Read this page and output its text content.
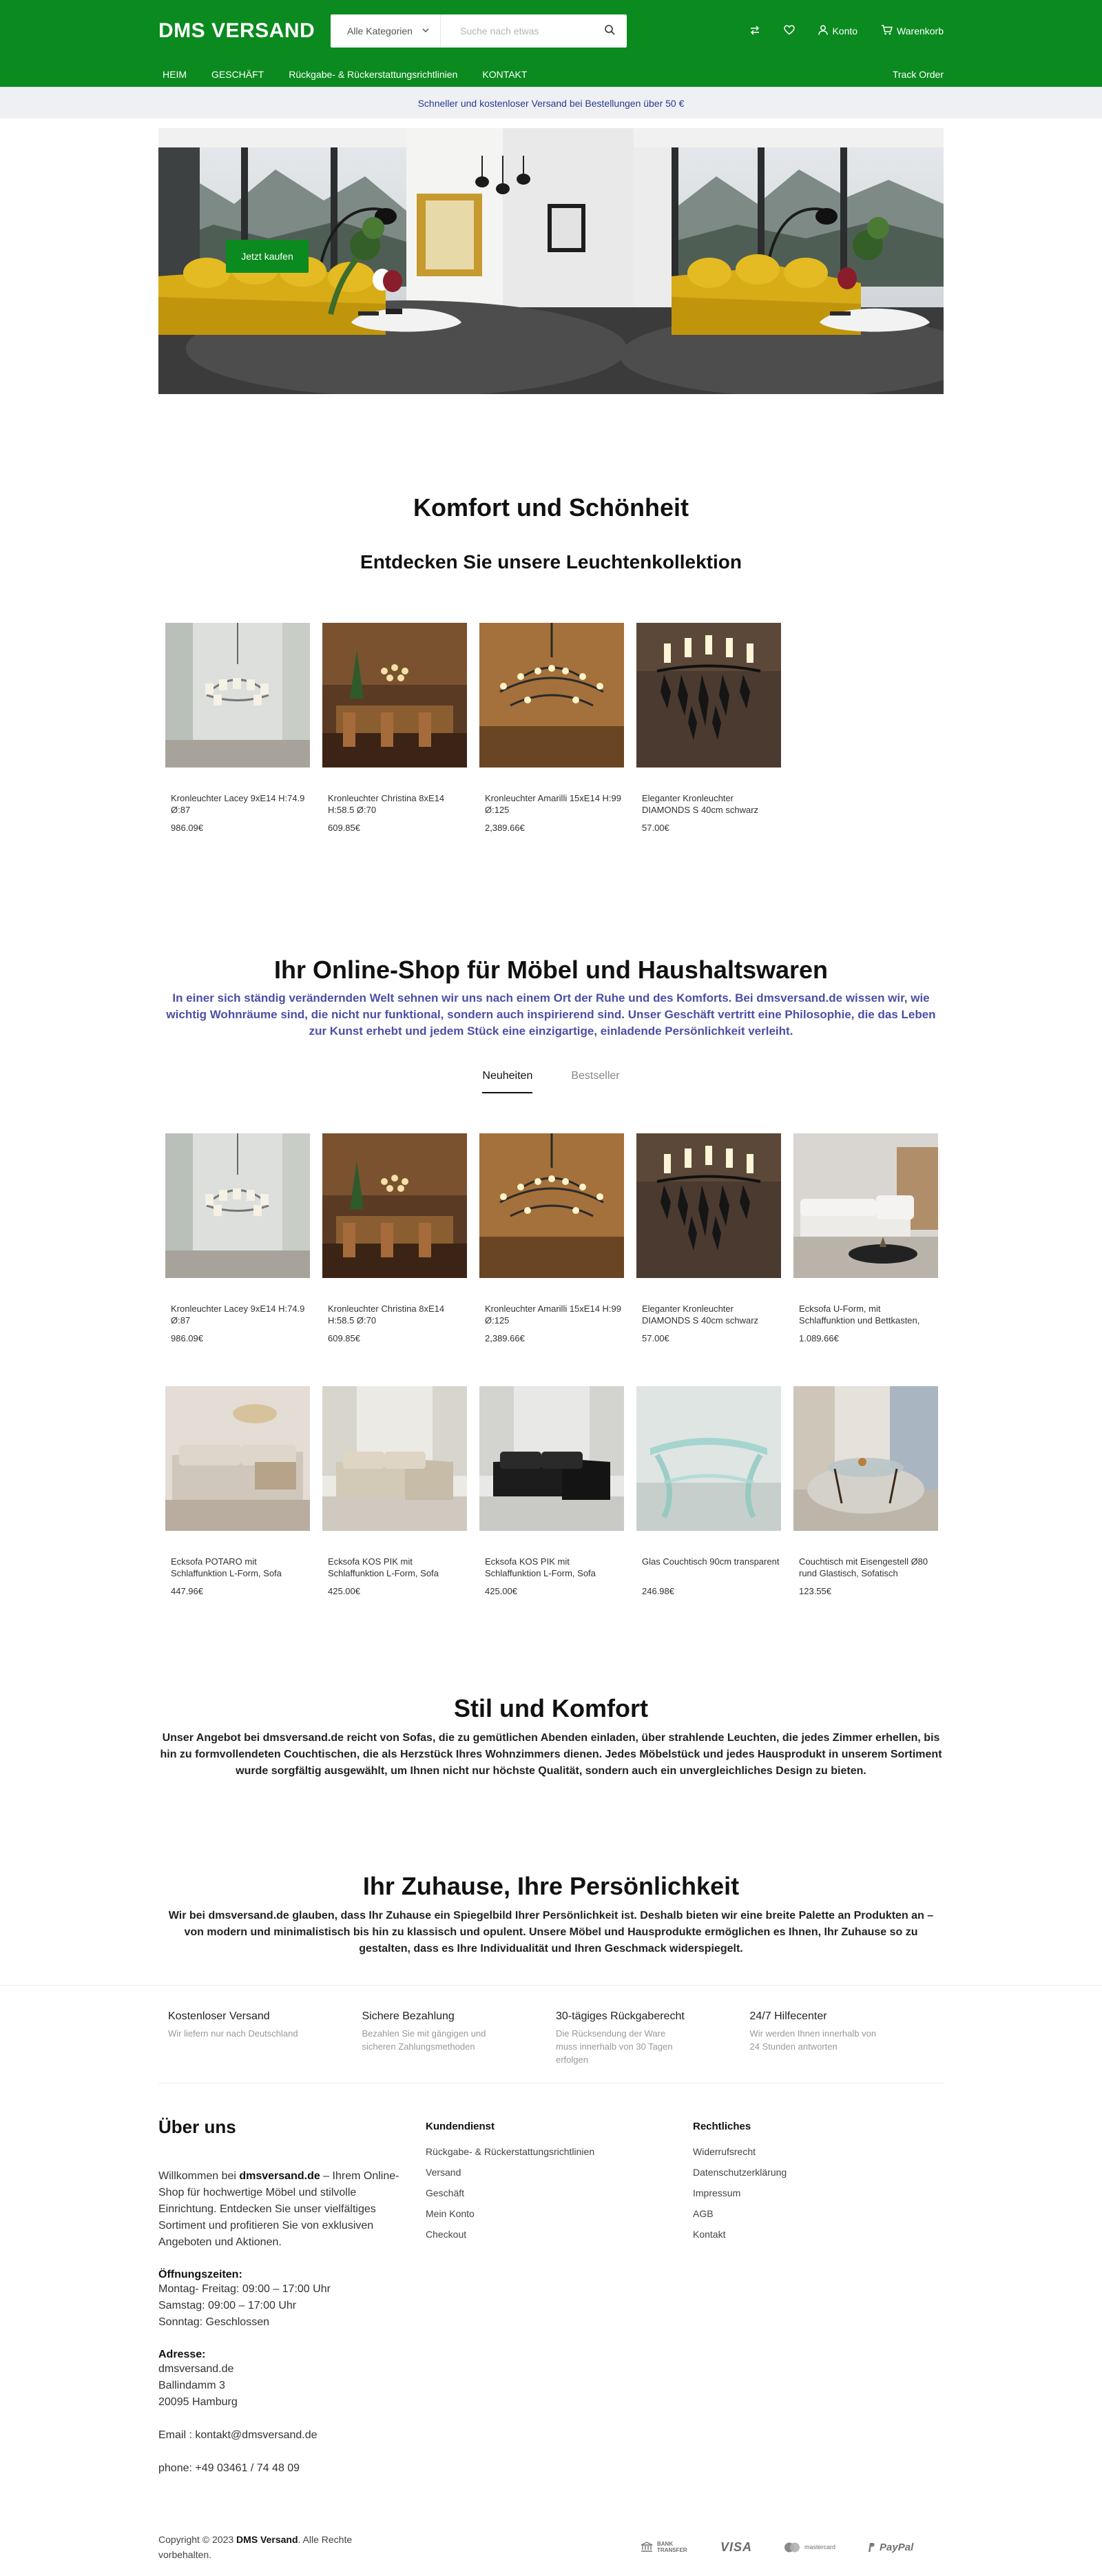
DMS VERSAND	Alle Kategorien
Suche nach etwas	Konto	Warenkorb
HEIM	GESCHÄFT	Rückgabe- & Rückerstattungsrichtlinien	KONTAKT	Track Order
Schneller und kostenloser Versand bei Bestellungen über 50 €
Jetzt kaufen
Komfort und Schönheit
Entdecken Sie unsere Leuchtenkollektion
Kronleuchter Lacey 9xE14 H:74.9 Ø:87
986.09€
Kronleuchter Christina 8xE14 H:58.5 Ø:70
609.85€
Kronleuchter Amarilli 15xE14 H:99 Ø:125
2,389.66€
Eleganter Kronleuchter DIAMONDS S 40cm schwarz
57.00€
Ihr Online-Shop für Möbel und Haushaltswaren

In einer sich ständig verändernden Welt sehnen wir uns nach einem Ort der Ruhe und des Komforts. Bei dmsversand.de wissen wir, wie wichtig Wohnräume sind, die nicht nur funktional, sondern auch inspirierend sind. Unser Geschäft vertritt eine Philosophie, die das Leben zur Kunst erhebt und jedem Stück eine einzigartige, einladende Persönlichkeit verleiht.

Neuheiten	Bestseller
Kronleuchter Lacey 9xE14 H:74.9 Ø:87
986.09€
Kronleuchter Christina 8xE14 H:58.5 Ø:70
609.85€
Kronleuchter Amarilli 15xE14 H:99 Ø:125
2,389.66€
Eleganter Kronleuchter DIAMONDS S 40cm schwarz
57.00€
Ecksofa U-Form, mit Schlaffunktion und Bettkasten,
1.089.66€
Ecksofa POTARO mit Schlaffunktion L-Form, Sofa
447.96€
Ecksofa KOS PIK mit Schlaffunktion L-Form, Sofa
425.00€
Ecksofa KOS PIK mit Schlaffunktion L-Form, Sofa
425.00€
Glas Couchtisch 90cm transparent
246.98€
Couchtisch mit Eisengestell Ø80 rund Glastisch, Sofatisch
123.55€
Stil und Komfort

Unser Angebot bei dmsversand.de reicht von Sofas, die zu gemütlichen Abenden einladen, über strahlende Leuchten, die jedes Zimmer erhellen, bis hin zu formvollendeten Couchtischen, die als Herzstück Ihres Wohnzimmers dienen. Jedes Möbelstück und jedes Hausprodukt in unserem Sortiment wurde sorgfältig ausgewählt, um Ihnen nicht nur höchste Qualität, sondern auch ein unvergleichliches Design zu bieten.

Ihr Zuhause, Ihre Persönlichkeit

Wir bei dmsversand.de glauben, dass Ihr Zuhause ein Spiegelbild Ihrer Persönlichkeit ist. Deshalb bieten wir eine breite Palette an Produkten an – von modern und minimalistisch bis hin zu klassisch und opulent. Unsere Möbel und Hausprodukte ermöglichen es Ihnen, Ihr Zuhause so zu gestalten, dass es Ihre Individualität und Ihren Geschmack widerspiegelt.

Kostenloser Versand
Wir liefern nur nach Deutschland
Sichere Bezahlung
Bezahlen Sie mit gängigen und sicheren Zahlungsmethoden
30-tägiges Rückgaberecht
Die Rücksendung der Ware muss innerhalb von 30 Tagen erfolgen
24/7 Hilfecenter
Wir werden Ihnen innerhalb von 24 Stunden antworten
Über uns
Willkommen bei dmsversand.de – Ihrem Online-Shop für hochwertige Möbel und stilvolle Einrichtung. Entdecken Sie unser vielfältiges Sortiment und profitieren Sie von exklusiven Angeboten und Aktionen.
Öffnungszeiten:
Montag- Freitag: 09:00 – 17:00 Uhr
Samstag: 09:00 – 17:00 Uhr
Sonntag: Geschlossen
Adresse:
dmsversand.de
Ballindamm 3
20095 Hamburg
Email : kontakt@dmsversand.de
phone: +49 03461 / 74 48 09
Kundendienst
Rückgabe- & Rückerstattungsrichtlinien
Versand
Geschäft
Mein Konto
Checkout
Rechtliches
Widerrufsrecht
Datenschutzerklärung
Impressum
AGB
Kontakt
Copyright © 2023 DMS Versand. Alle Rechte vorbehalten.
BANK TRANSFER	VISA	mastercard	PayPal
